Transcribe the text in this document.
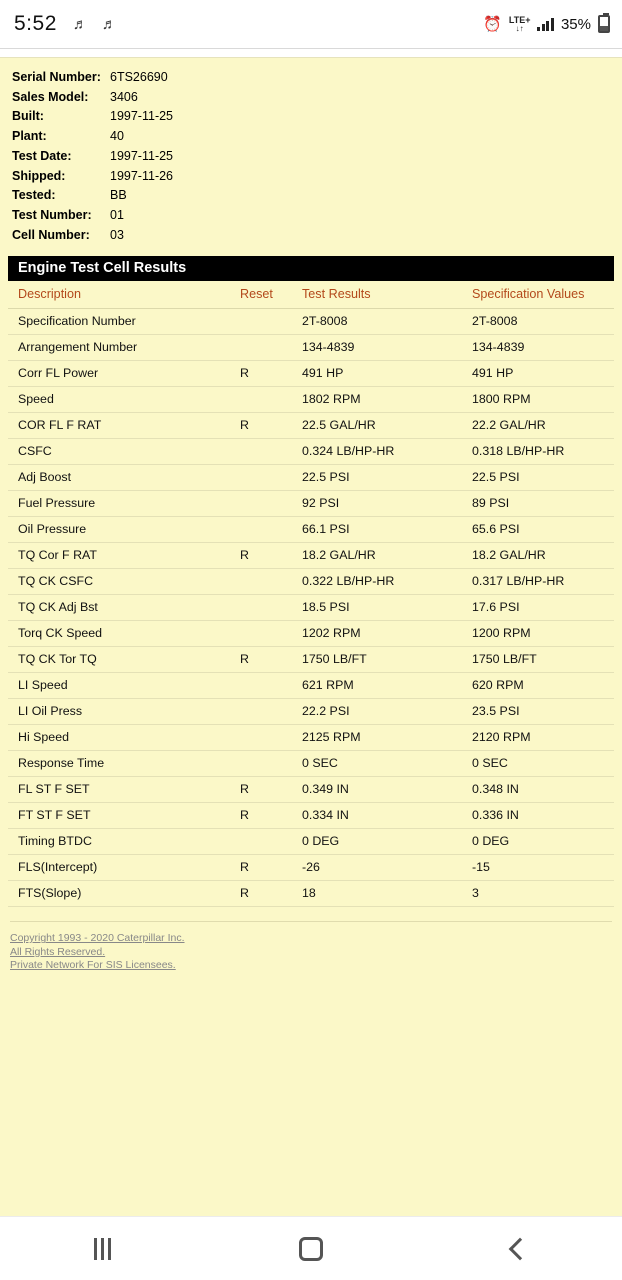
5:52 ♬ ♬	⏰ LTE+
↓↑ 35%
Serial Number: 6TS26690
Sales Model:	3406
Built:	1997-11-25
Plant:	40
Test Date:	1997-11-25
Shipped:	1997-11-26
Tested:	BB
Test Number:	01
Cell Number:	03
Engine Test Cell Results
Description	Reset	Test Results	Specification Values
Specification Number		2T-8008	2T-8008
Arrangement Number		134-4839	134-4839
Corr FL Power	R	491 HP	491 HP
Speed		1802 RPM	1800 RPM
COR FL F RAT	R	22.5 GAL/HR	22.2 GAL/HR
CSFC		0.324 LB/HP-HR	0.318 LB/HP-HR
Adj Boost		22.5 PSI	22.5 PSI
Fuel Pressure		92 PSI	89 PSI
Oil Pressure		66.1 PSI	65.6 PSI
TQ Cor F RAT	R	18.2 GAL/HR	18.2 GAL/HR
TQ CK CSFC		0.322 LB/HP-HR	0.317 LB/HP-HR
TQ CK Adj Bst		18.5 PSI	17.6 PSI
Torq CK Speed		1202 RPM	1200 RPM
TQ CK Tor TQ	R	1750 LB/FT	1750 LB/FT
LI Speed		621 RPM	620 RPM
LI Oil Press		22.2 PSI	23.5 PSI
Hi Speed		2125 RPM	2120 RPM
Response Time		0 SEC	0 SEC
FL ST F SET	R	0.349 IN	0.348 IN
FT ST F SET	R	0.334 IN	0.336 IN
Timing BTDC		0 DEG	0 DEG
FLS(Intercept)	R	-26	-15
FTS(Slope)	R	18	3
Copyright 1993 - 2020 Caterpillar Inc.
All Rights Reserved.
Private Network For SIS Licensees.
